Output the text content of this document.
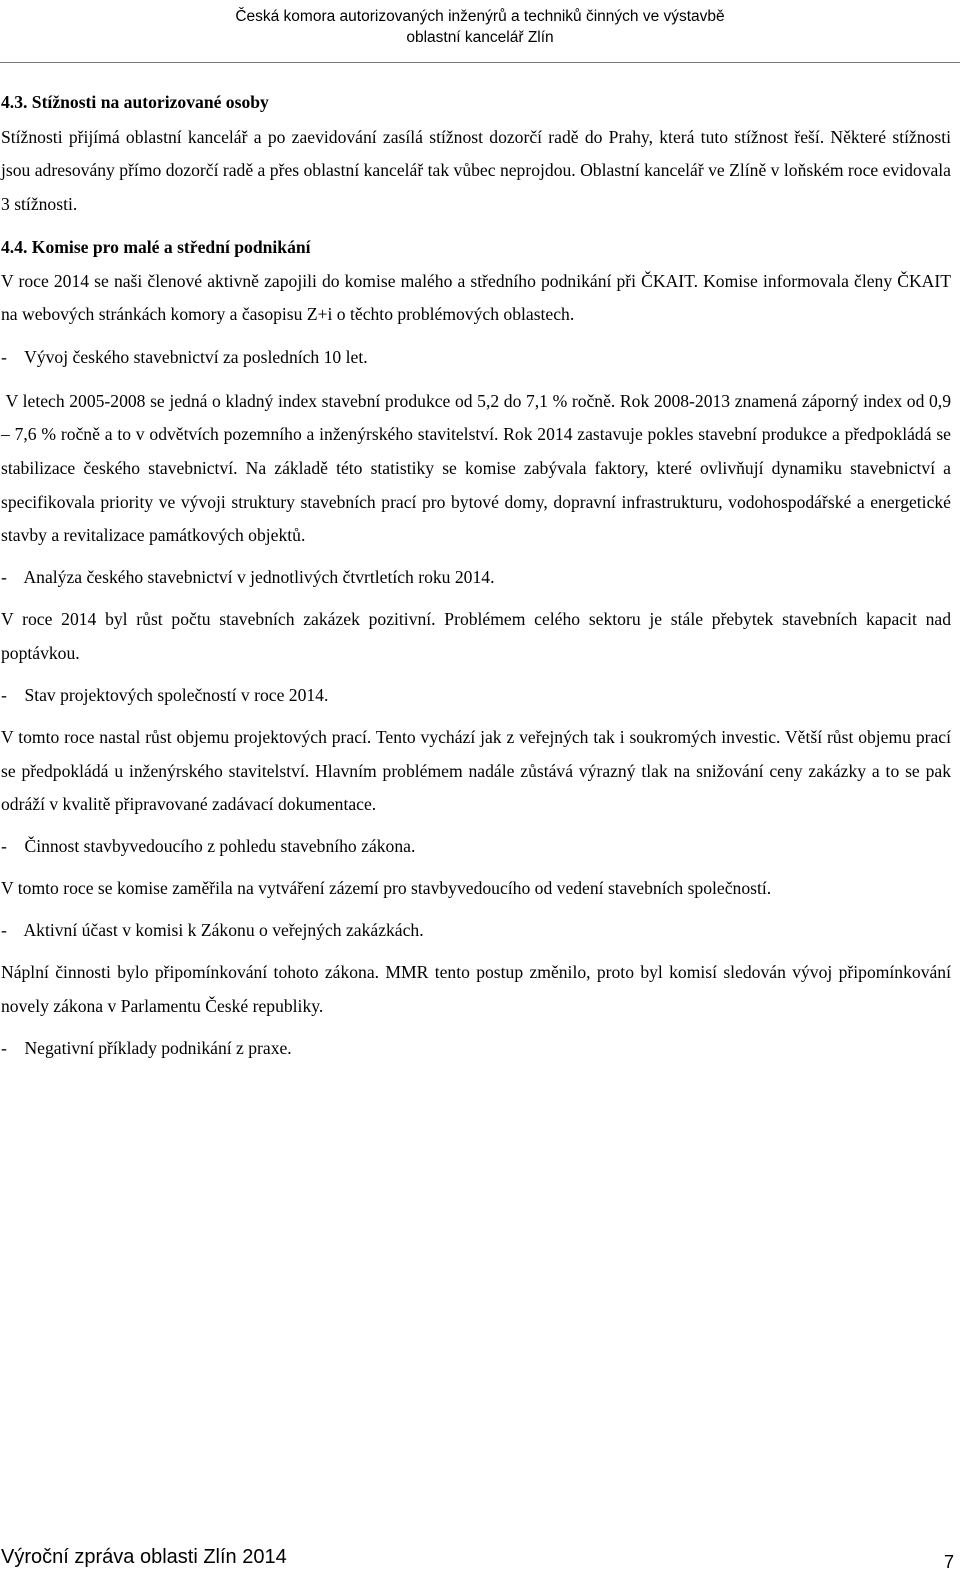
Česká komora autorizovaných inženýrů a techniků činných ve výstavbě
oblastní kancelář Zlín
4.3. Stížnosti na autorizované osoby
Stížnosti přijímá oblastní kancelář a po zaevidování zasílá stížnost dozorčí radě do Prahy, která tuto stížnost řeší. Některé stížnosti jsou adresovány přímo dozorčí radě a přes oblastní kancelář tak vůbec neprojdou. Oblastní kancelář ve Zlíně v loňském roce evidovala 3 stížnosti.
4.4. Komise pro malé a střední podnikání
V roce 2014 se naši členové aktivně zapojili do komise malého a středního podnikání při ČKAIT. Komise informovala členy ČKAIT na webových stránkách komory a časopisu Z+i o těchto problémových oblastech.
-    Vývoj českého stavebnictví za posledních 10 let.
V letech 2005-2008 se jedná o kladný index stavební produkce od 5,2 do 7,1 % ročně. Rok 2008-2013 znamená záporný index od 0,9 – 7,6 % ročně a to v odvětvích pozemního a inženýrského stavitelství. Rok 2014 zastavuje pokles stavební produkce a předpokládá se stabilizace českého stavebnictví. Na základě této statistiky se komise zabývala faktory, které ovlivňují dynamiku stavebnictví a specifikovala priority ve vývoji struktury stavebních prací pro bytové domy, dopravní infrastrukturu, vodohospodářské a energetické stavby a revitalizace památkových objektů.
-    Analýza českého stavebnictví v jednotlivých čtvrtletích roku 2014.
V roce 2014 byl růst počtu stavebních zakázek pozitivní. Problémem celého sektoru je stále přebytek stavebních kapacit nad poptávkou.
-    Stav projektových společností v roce 2014.
V tomto roce nastal růst objemu projektových prací. Tento vychází jak z veřejných tak i soukromých investic. Větší růst objemu prací se předpokládá u inženýrského stavitelství. Hlavním problémem nadále zůstává výrazný tlak na snižování ceny zakázky a to se pak odráží v kvalitě připravované zadávací dokumentace.
-    Činnost stavbyvedoucího z pohledu stavebního zákona.
V tomto roce se komise zaměřila na vytváření zázemí pro stavbyvedoucího od vedení stavebních společností.
-    Aktivní účast v komisi k Zákonu o veřejných zakázkách.
Náplní činnosti bylo připomínkování tohoto zákona. MMR tento postup změnilo, proto byl komisí sledován vývoj připomínkování novely zákona v Parlamentu České republiky.
-    Negativní příklady podnikání z praxe.
Výroční zpráva oblasti Zlín 2014	7
